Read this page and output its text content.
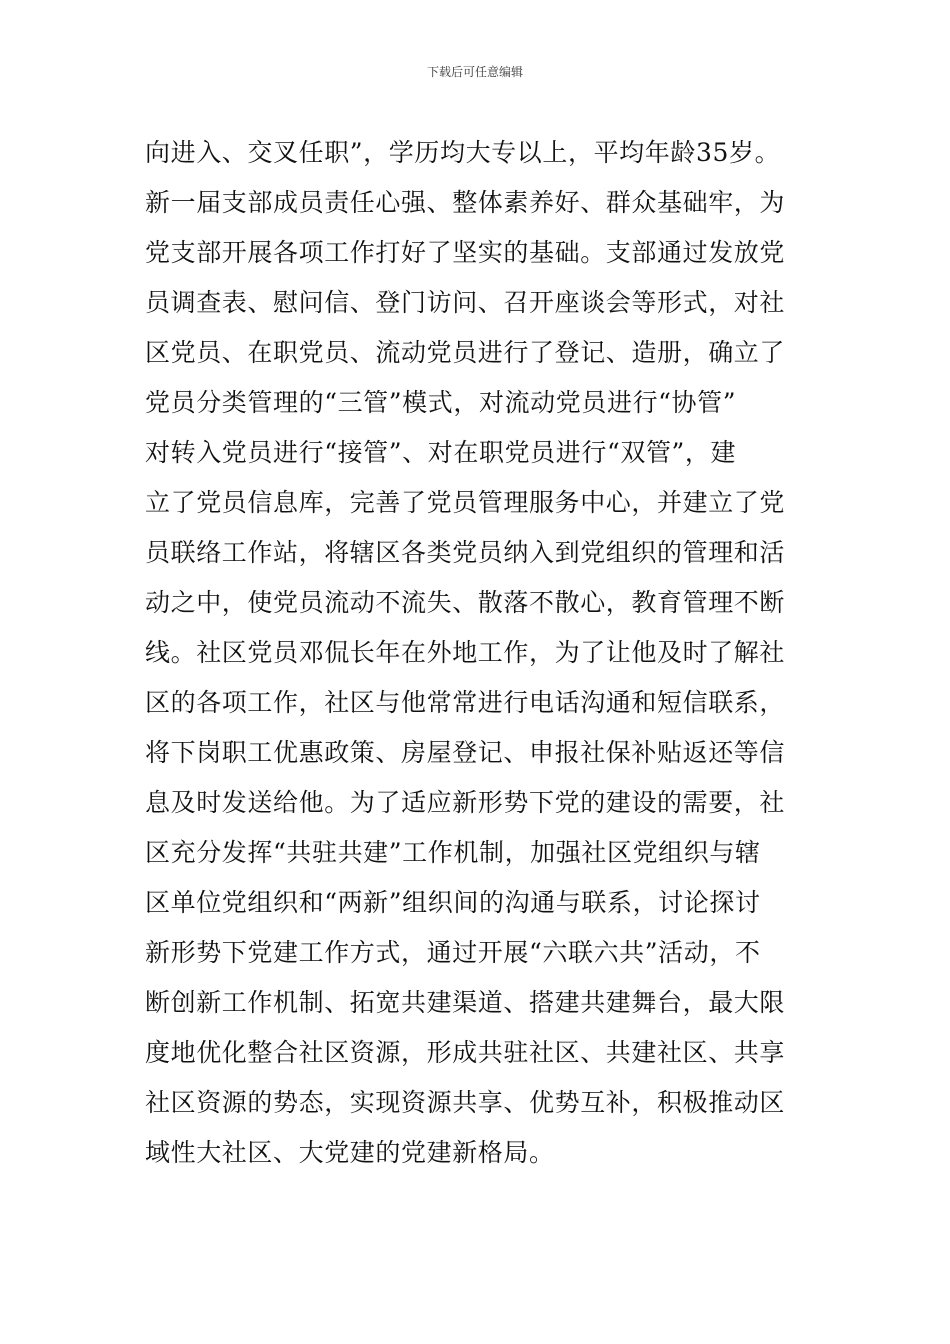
下载后可任意编辑
向进入、交叉任职”，学历均大专以上，平均年龄35岁。
新一届支部成员责任心强、整体素养好、群众基础牢，为
党支部开展各项工作打好了坚实的基础。支部通过发放党
员调查表、慰问信、登门访问、召开座谈会等形式，对社
区党员、在职党员、流动党员进行了登记、造册，确立了
党员分类管理的“三管”模式，对流动党员进行“协管”
对转入党员进行“接管”、对在职党员进行“双管”，建
立了党员信息库，完善了党员管理服务中心，并建立了党
员联络工作站，将辖区各类党员纳入到党组织的管理和活
动之中，使党员流动不流失、散落不散心，教育管理不断
线。社区党员邓侃长年在外地工作，为了让他及时了解社
区的各项工作，社区与他常常进行电话沟通和短信联系，
将下岗职工优惠政策、房屋登记、申报社保补贴返还等信
息及时发送给他。为了适应新形势下党的建设的需要，社
区充分发挥“共驻共建”工作机制，加强社区党组织与辖
区单位党组织和“两新”组织间的沟通与联系，讨论探讨
新形势下党建工作方式，通过开展“六联六共”活动，不
断创新工作机制、拓宽共建渠道、搭建共建舞台，最大限
度地优化整合社区资源，形成共驻社区、共建社区、共享
社区资源的势态，实现资源共享、优势互补，积极推动区
域性大社区、大党建的党建新格局。
